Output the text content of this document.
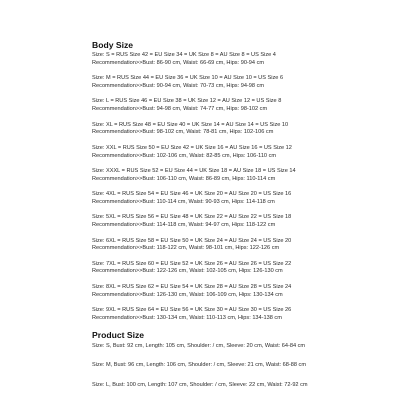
Body Size
Size: S = RUS Size 42 = EU Size 34 = UK Size 8 = AU Size 8 = US Size 4
Recommendation>>Bust: 86-90 cm, Waist: 66-69 cm, Hips: 90-94 cm
Size: M = RUS Size 44 = EU Size 36 = UK Size 10 = AU Size 10 = US Size 6
Recommendation>>Bust: 90-94 cm, Waist: 70-73 cm, Hips: 94-98 cm
Size: L = RUS Size 46 = EU Size 38 = UK Size 12 = AU Size 12 = US Size 8
Recommendation>>Bust: 94-98 cm, Waist: 74-77 cm, Hips: 98-102 cm
Size: XL = RUS Size 48 = EU Size 40 = UK Size 14 = AU Size 14 = US Size 10
Recommendation>>Bust: 98-102 cm, Waist: 78-81 cm, Hips: 102-106 cm
Size: XXL = RUS Size 50 = EU Size 42 = UK Size 16 = AU Size 16 = US Size 12
Recommendation>>Bust: 102-106 cm, Waist: 82-85 cm, Hips: 106-110 cm
Size: XXXL = RUS Size 52 = EU Size 44 = UK Size 18 = AU Size 18 = US Size 14
Recommendation>>Bust: 106-110 cm, Waist: 86-89 cm, Hips: 110-114 cm
Size: 4XL = RUS Size 54 = EU Size 46 = UK Size 20 = AU Size 20 = US Size 16
Recommendation>>Bust: 110-114 cm, Waist: 90-93 cm, Hips: 114-118 cm
Size: 5XL = RUS Size 56 = EU Size 48 = UK Size 22 = AU Size 22 = US Size 18
Recommendation>>Bust: 114-118 cm, Waist: 94-97 cm, Hips: 118-122 cm
Size: 6XL = RUS Size 58 = EU Size 50 = UK Size 24 = AU Size 24 = US Size 20
Recommendation>>Bust: 118-122 cm, Waist: 98-101 cm, Hips: 122-126 cm
Size: 7XL = RUS Size 60 = EU Size 52 = UK Size 26 = AU Size 26 = US Size 22
Recommendation>>Bust: 122-126 cm, Waist: 102-105 cm, Hips: 126-130 cm
Size: 8XL = RUS Size 62 = EU Size 54 = UK Size 28 = AU Size 28 = US Size 24
Recommendation>>Bust: 126-130 cm, Waist: 106-109 cm, Hips: 130-134 cm
Size: 9XL = RUS Size 64 = EU Size 56 = UK Size 30 = AU Size 30 = US Size 26
Recommendation>>Bust: 130-134 cm, Waist: 110-113 cm, Hips: 134-138 cm
Product Size
Size: S, Bust: 92 cm, Length: 105 cm, Shoulder: / cm, Sleeve: 20 cm, Waist: 64-84 cm
Size: M, Bust: 96 cm, Length: 106 cm, Shoulder: / cm, Sleeve: 21 cm, Waist: 68-88 cm
Size: L, Bust: 100 cm, Length: 107 cm, Shoulder: / cm, Sleeve: 22 cm, Waist: 72-92 cm
